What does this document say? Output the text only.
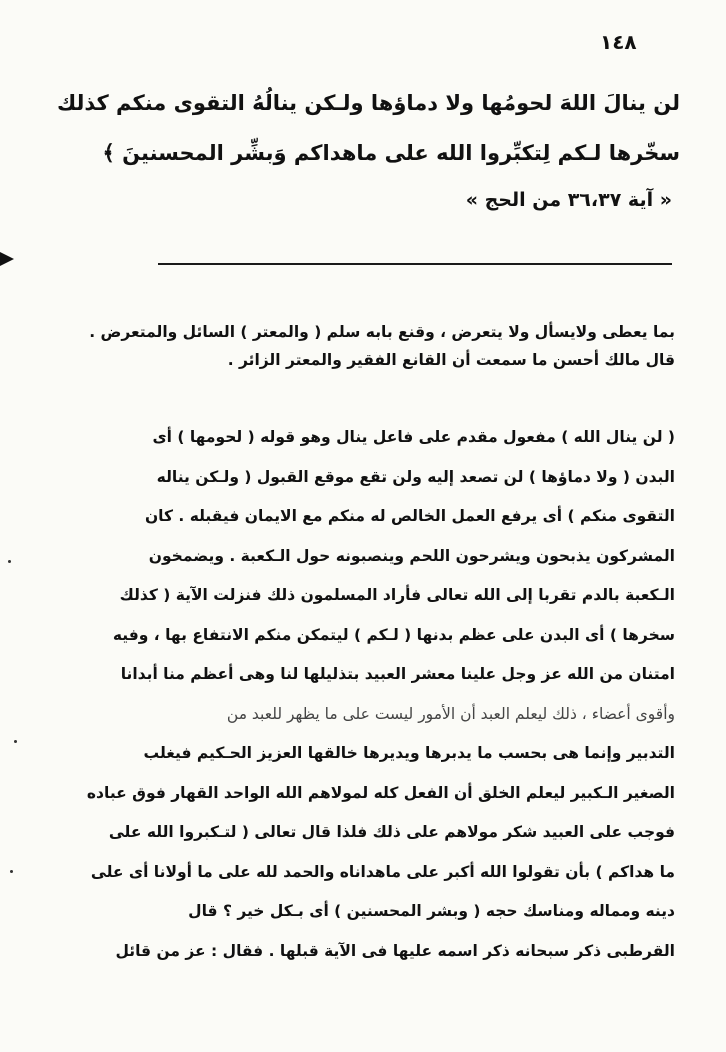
١٤٨
لن ينالَ اللهَ لحومُها ولا دماؤها ولـكن ينالُهُ التقوى منكم كذلك
سخّرها لـكم لِتكبِّروا الله على ماهداكم وَبشِّر المحسنينَ ﴾
« آية ٣٦،٣٧ من الحج »
بما يعطى ولايسأل ولا يتعرض ، وقنع بابه سلم ( والمعتر ) السائل والمتعرض .
قال مالك أحسن ما سمعت أن القانع الفقير والمعتر الزائر .
( لن ينال الله ) مفعول مقدم على فاعل ينال وهو قوله ( لحومها ) أى
البدن ( ولا دماؤها ) لن تصعد إليه ولن تقع موقع القبول ( ولـكن يناله
التقوى منكم ) أى يرفع العمل الخالص له منكم مع الايمان فيقبله . كان
المشركون يذبحون ويشرحون اللحم وينصبونه حول الـكعبة . ويضمخون
الـكعبة بالدم تقربا إلى الله تعالى فأراد المسلمون ذلك فنزلت الآية ( كذلك
سخرها ) أى البدن على عظم بدنها ( لـكم ) ليتمكن منكم الانتفاع بها ، وفيه
امتنان من الله عز وجل علينا معشر العبيد بتذليلها لنا وهى أعظم منا أبدانا
وأقوى أعضاء ، ذلك ليعلم العبد أن الأمور ليست على ما يظهر للعبد من
التدبير وإنما هى بحسب ما يدبرها ويديرها خالقها العزيز الحـكيم فيغلب
الصغير الـكبير ليعلم الخلق أن الفعل كله لمولاهم الله الواحد القهار فوق عباده
فوجب على العبيد شكر مولاهم على ذلك فلذا قال تعالى ( لتـكبروا الله على
ما هداكم ) بأن تقولوا الله أكبر على ماهداناه والحمد لله على ما أولانا أى على
دينه ومماله ومناسك حجه ( وبشر المحسنين ) أى بـكل خير ؟ قال
القرطبى ذكر سبحانه ذكر اسمه عليها فى الآية قبلها . فقال : عز من قائل
